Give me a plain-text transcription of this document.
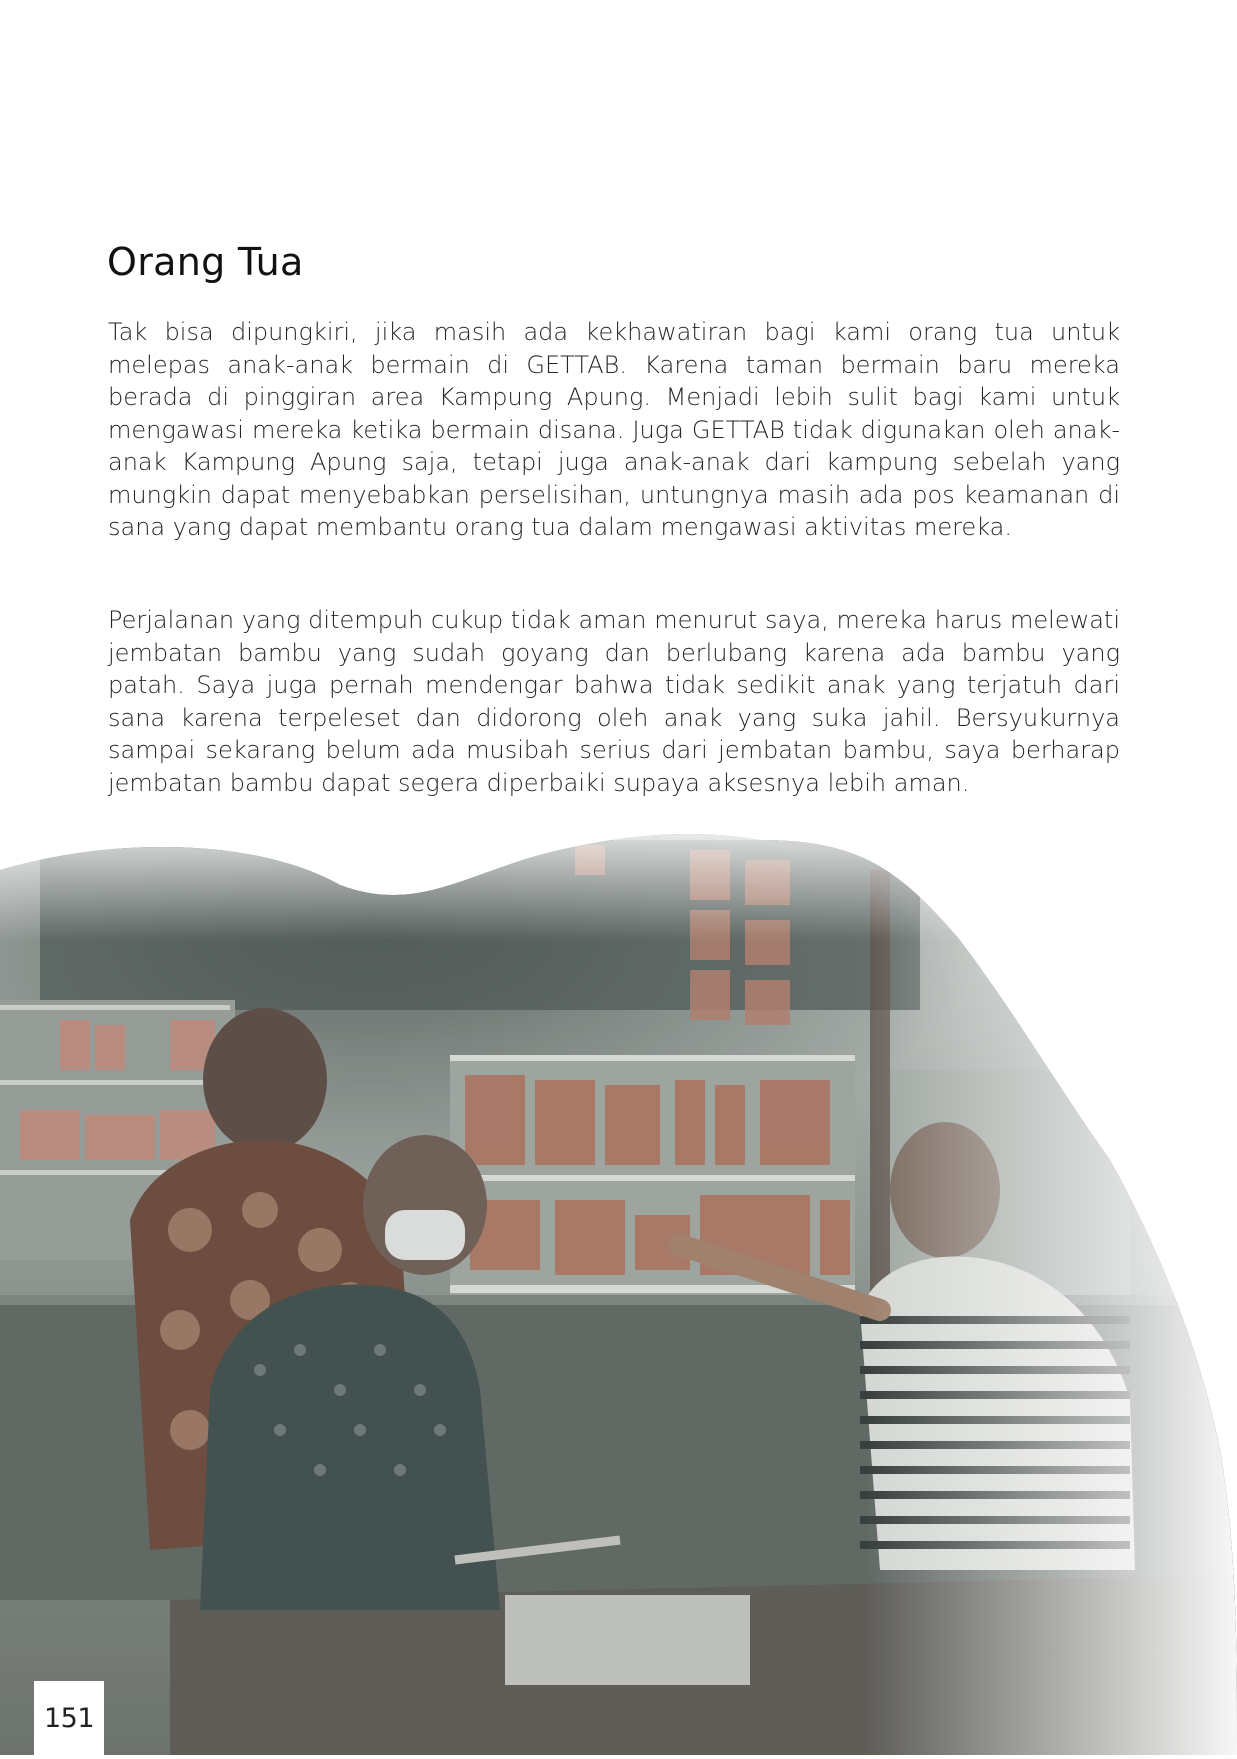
Orang Tua

Tak bisa dipungkiri, jika masih ada kekhawatiran bagi kami orang tua untuk melepas anak-anak bermain di GETTAB. Karena taman bermain baru mereka berada di pinggiran area Kampung Apung. Menjadi lebih sulit bagi kami untuk mengawasi mereka ketika bermain disana. Juga GETTAB tidak digunakan oleh anak-anak Kampung Apung saja, tetapi juga anak-anak dari kampung sebelah yang mungkin dapat menyebabkan perselisihan, untungnya masih ada pos keamanan di sana yang dapat membantu orang tua dalam mengawasi aktivitas mereka.

Perjalanan yang ditempuh cukup tidak aman menurut saya, mereka harus melewati jembatan bambu yang sudah goyang dan berlubang karena ada bambu yang patah. Saya juga pernah mendengar bahwa tidak sedikit anak yang terjatuh dari sana karena terpeleset dan didorong oleh anak yang suka jahil. Bersyukurnya sampai sekarang belum ada musibah serius dari jembatan bambu, saya berharap jembatan bambu dapat segera diperbaiki supaya aksesnya lebih aman.

151
